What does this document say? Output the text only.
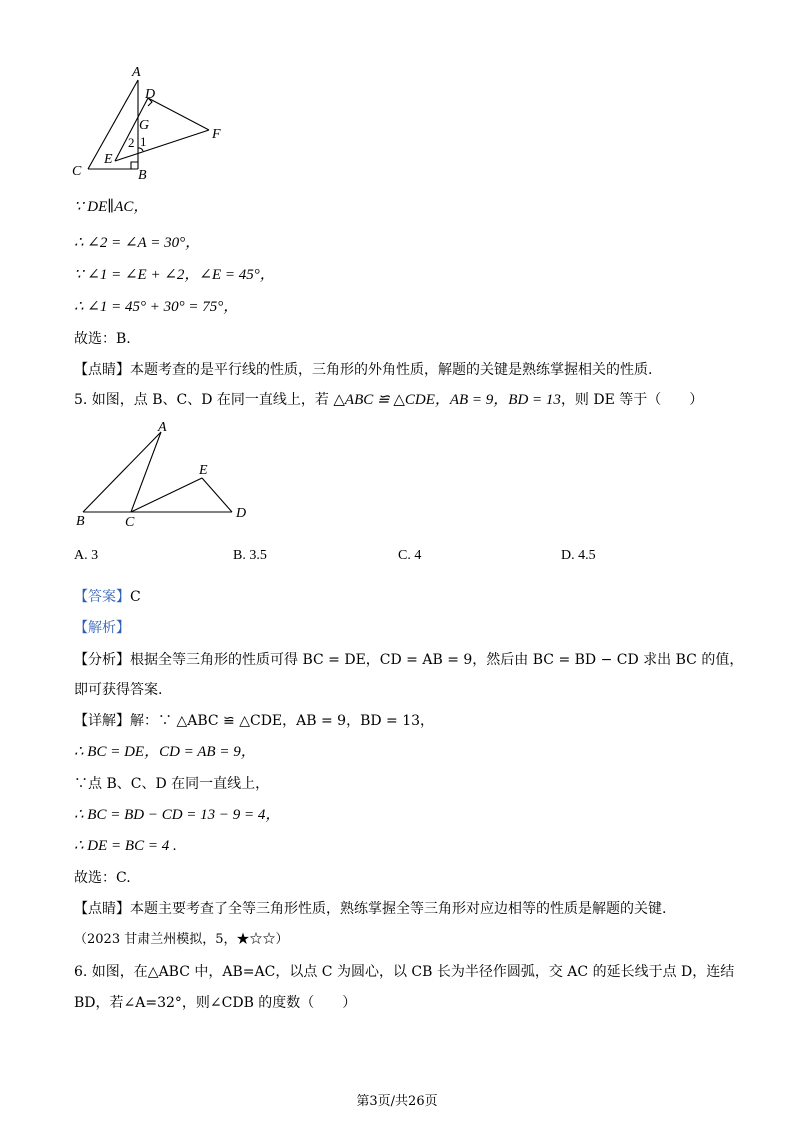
A
D
G
F
2 1
E
C	B
∵ DE∥AC，
∴ ∠2 = ∠A = 30°，
∵ ∠1 = ∠E + ∠2，∠E = 45°，
∴ ∠1 = 45° + 30° = 75°，
故选：B.
【点睛】本题考查的是平行线的性质，三角形的外角性质，解题的关键是熟练掌握相关的性质.
5. 如图，点 B、C、D 在同一直线上，若 △ABC ≌ △CDE，AB = 9，BD = 13，则 DE 等于（　　）
A
E
B	C
D
A. 3	B. 3.5	C. 4	D. 4.5
【答案】C
【解析】
【分析】根据全等三角形的性质可得 BC = DE，CD = AB = 9，然后由 BC = BD − CD 求出 BC 的值，
即可获得答案.
【详解】解：∵ △ABC ≌ △CDE，AB = 9，BD = 13，
∴ BC = DE，CD = AB = 9，
∵点 B、C、D 在同一直线上，
∴ BC = BD − CD = 13 − 9 = 4，
∴ DE = BC = 4 .
故选：C.
【点睛】本题主要考查了全等三角形性质，熟练掌握全等三角形对应边相等的性质是解题的关键.
（2023 甘肃兰州模拟，5，★☆☆）
6. 如图，在△ABC 中，AB=AC，以点 C 为圆心，以 CB 长为半径作圆弧，交 AC 的延长线于点 D，连结
BD，若∠A=32°，则∠CDB 的度数（　　）
第3页/共26页
